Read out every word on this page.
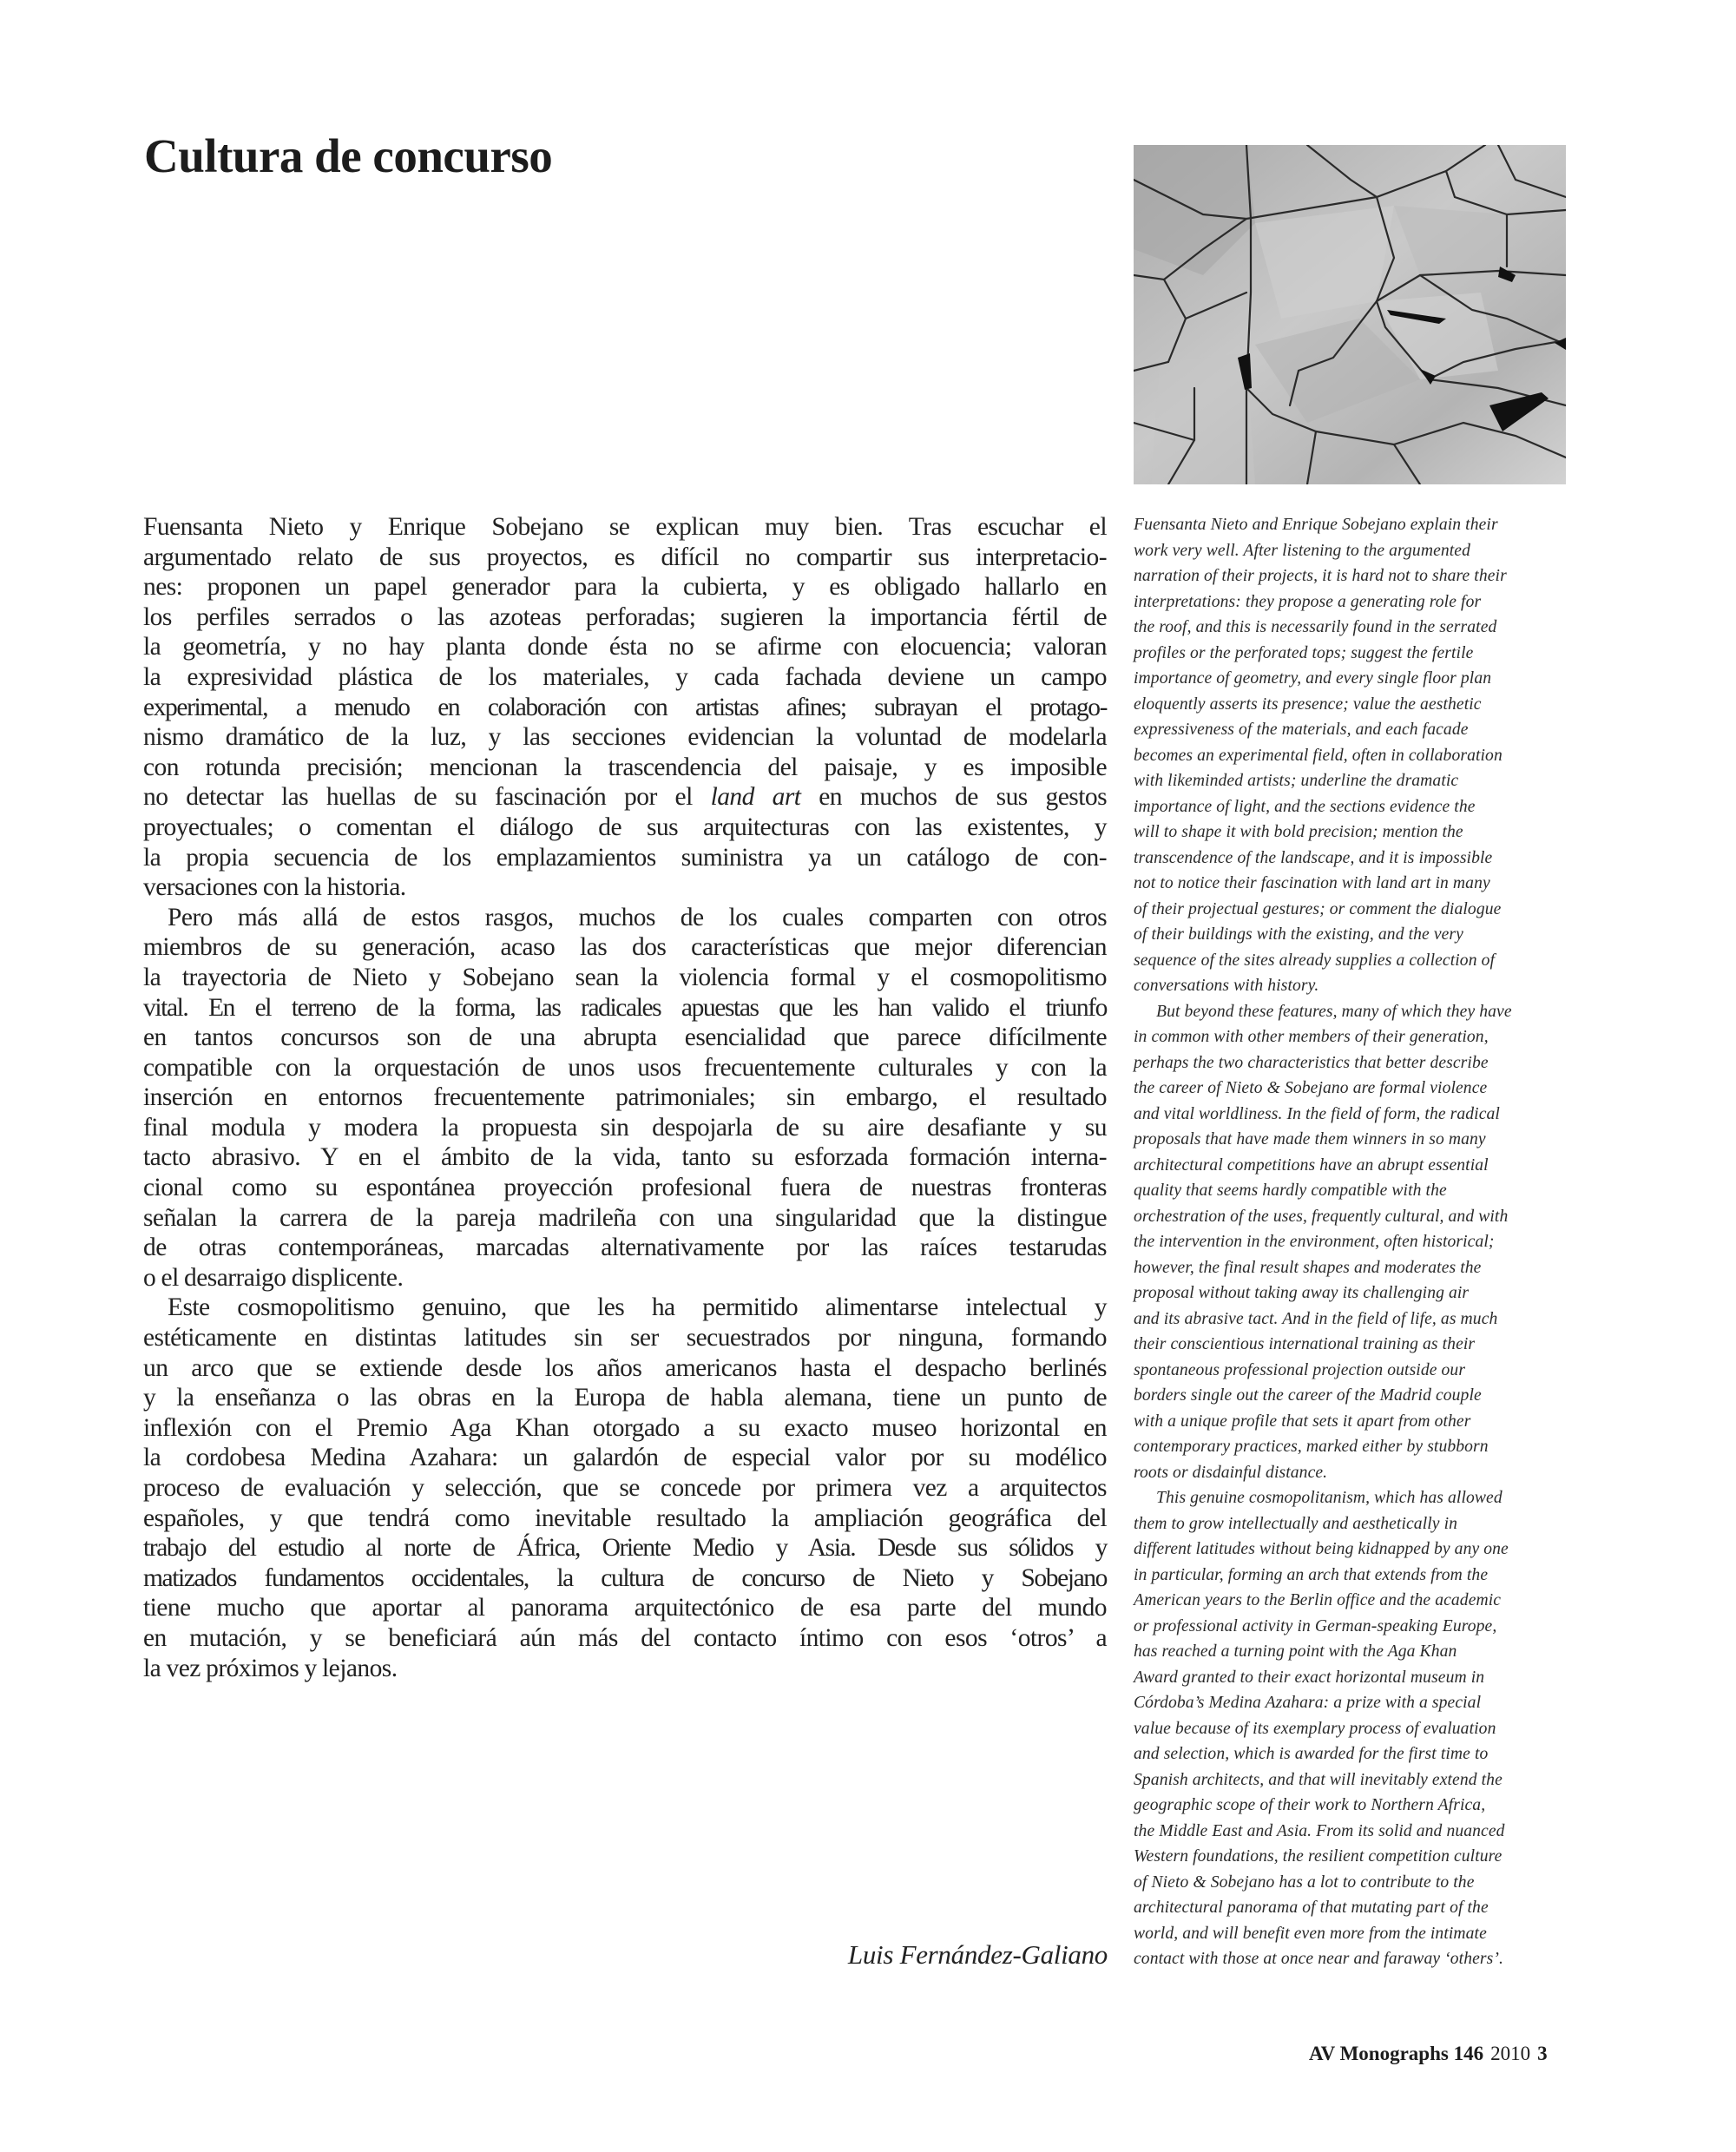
Cultura de concurso
Fuensanta Nieto y Enrique Sobejano se explican muy bien. Tras escuchar el
argumentado relato de sus proyectos, es difícil no compartir sus interpretacio-
nes: proponen un papel generador para la cubierta, y es obligado hallarlo en
los perfiles serrados o las azoteas perforadas; sugieren la importancia fértil de
la geometría, y no hay planta donde ésta no se afirme con elocuencia; valoran
la expresividad plástica de los materiales, y cada fachada deviene un campo
experimental, a menudo en colaboración con artistas afines; subrayan el protago-
nismo dramático de la luz, y las secciones evidencian la voluntad de modelarla
con rotunda precisión; mencionan la trascendencia del paisaje, y es imposible
no detectar las huellas de su fascinación por el land art en muchos de sus gestos
proyectuales; o comentan el diálogo de sus arquitecturas con las existentes, y
la propia secuencia de los emplazamientos suministra ya un catálogo de con-
versaciones con la historia.
Pero más allá de estos rasgos, muchos de los cuales comparten con otros
miembros de su generación, acaso las dos características que mejor diferencian
la trayectoria de Nieto y Sobejano sean la violencia formal y el cosmopolitismo
vital. En el terreno de la forma, las radicales apuestas que les han valido el triunfo
en tantos concursos son de una abrupta esencialidad que parece difícilmente
compatible con la orquestación de unos usos frecuentemente culturales y con la
inserción en entornos frecuentemente patrimoniales; sin embargo, el resultado
final modula y modera la propuesta sin despojarla de su aire desafiante y su
tacto abrasivo. Y en el ámbito de la vida, tanto su esforzada formación interna-
cional como su espontánea proyección profesional fuera de nuestras fronteras
señalan la carrera de la pareja madrileña con una singularidad que la distingue
de otras contemporáneas, marcadas alternativamente por las raíces testarudas
o el desarraigo displicente.
Este cosmopolitismo genuino, que les ha permitido alimentarse intelectual y
estéticamente en distintas latitudes sin ser secuestrados por ninguna, formando
un arco que se extiende desde los años americanos hasta el despacho berlinés
y la enseñanza o las obras en la Europa de habla alemana, tiene un punto de
inflexión con el Premio Aga Khan otorgado a su exacto museo horizontal en
la cordobesa Medina Azahara: un galardón de especial valor por su modélico
proceso de evaluación y selección, que se concede por primera vez a arquitectos
españoles, y que tendrá como inevitable resultado la ampliación geográfica del
trabajo del estudio al norte de África, Oriente Medio y Asia. Desde sus sólidos y
matizados fundamentos occidentales, la cultura de concurso de Nieto y Sobejano
tiene mucho que aportar al panorama arquitectónico de esa parte del mundo
en mutación, y se beneficiará aún más del contacto íntimo con esos ‘otros’ a
la vez próximos y lejanos.
Luis Fernández-Galiano
Fuensanta Nieto and Enrique Sobejano explain their
work very well. After listening to the argumented
narration of their projects, it is hard not to share their
interpretations: they propose a generating role for
the roof, and this is necessarily found in the serrated
profiles or the perforated tops; suggest the fertile
importance of geometry, and every single floor plan
eloquently asserts its presence; value the aesthetic
expressiveness of the materials, and each facade
becomes an experimental field, often in collaboration
with likeminded artists; underline the dramatic
importance of light, and the sections evidence the
will to shape it with bold precision; mention the
transcendence of the landscape, and it is impossible
not to notice their fascination with land art in many
of their projectual gestures; or comment the dialogue
of their buildings with the existing, and the very
sequence of the sites already supplies a collection of
conversations with history.
But beyond these features, many of which they have
in common with other members of their generation,
perhaps the two characteristics that better describe
the career of Nieto & Sobejano are formal violence
and vital worldliness. In the field of form, the radical
proposals that have made them winners in so many
architectural competitions have an abrupt essential
quality that seems hardly compatible with the
orchestration of the uses, frequently cultural, and with
the intervention in the environment, often historical;
however, the final result shapes and moderates the
proposal without taking away its challenging air
and its abrasive tact. And in the field of life, as much
their conscientious international training as their
spontaneous professional projection outside our
borders single out the career of the Madrid couple
with a unique profile that sets it apart from other
contemporary practices, marked either by stubborn
roots or disdainful distance.
This genuine cosmopolitanism, which has allowed
them to grow intellectually and aesthetically in
different latitudes without being kidnapped by any one
in particular, forming an arch that extends from the
American years to the Berlin office and the academic
or professional activity in German-speaking Europe,
has reached a turning point with the Aga Khan
Award granted to their exact horizontal museum in
Córdoba’s Medina Azahara: a prize with a special
value because of its exemplary process of evaluation
and selection, which is awarded for the first time to
Spanish architects, and that will inevitably extend the
geographic scope of their work to Northern Africa,
the Middle East and Asia. From its solid and nuanced
Western foundations, the resilient competition culture
of Nieto & Sobejano has a lot to contribute to the
architectural panorama of that mutating part of the
world, and will benefit even more from the intimate
contact with those at once near and faraway ‘others’.
AV Monographs 146 2010 3
